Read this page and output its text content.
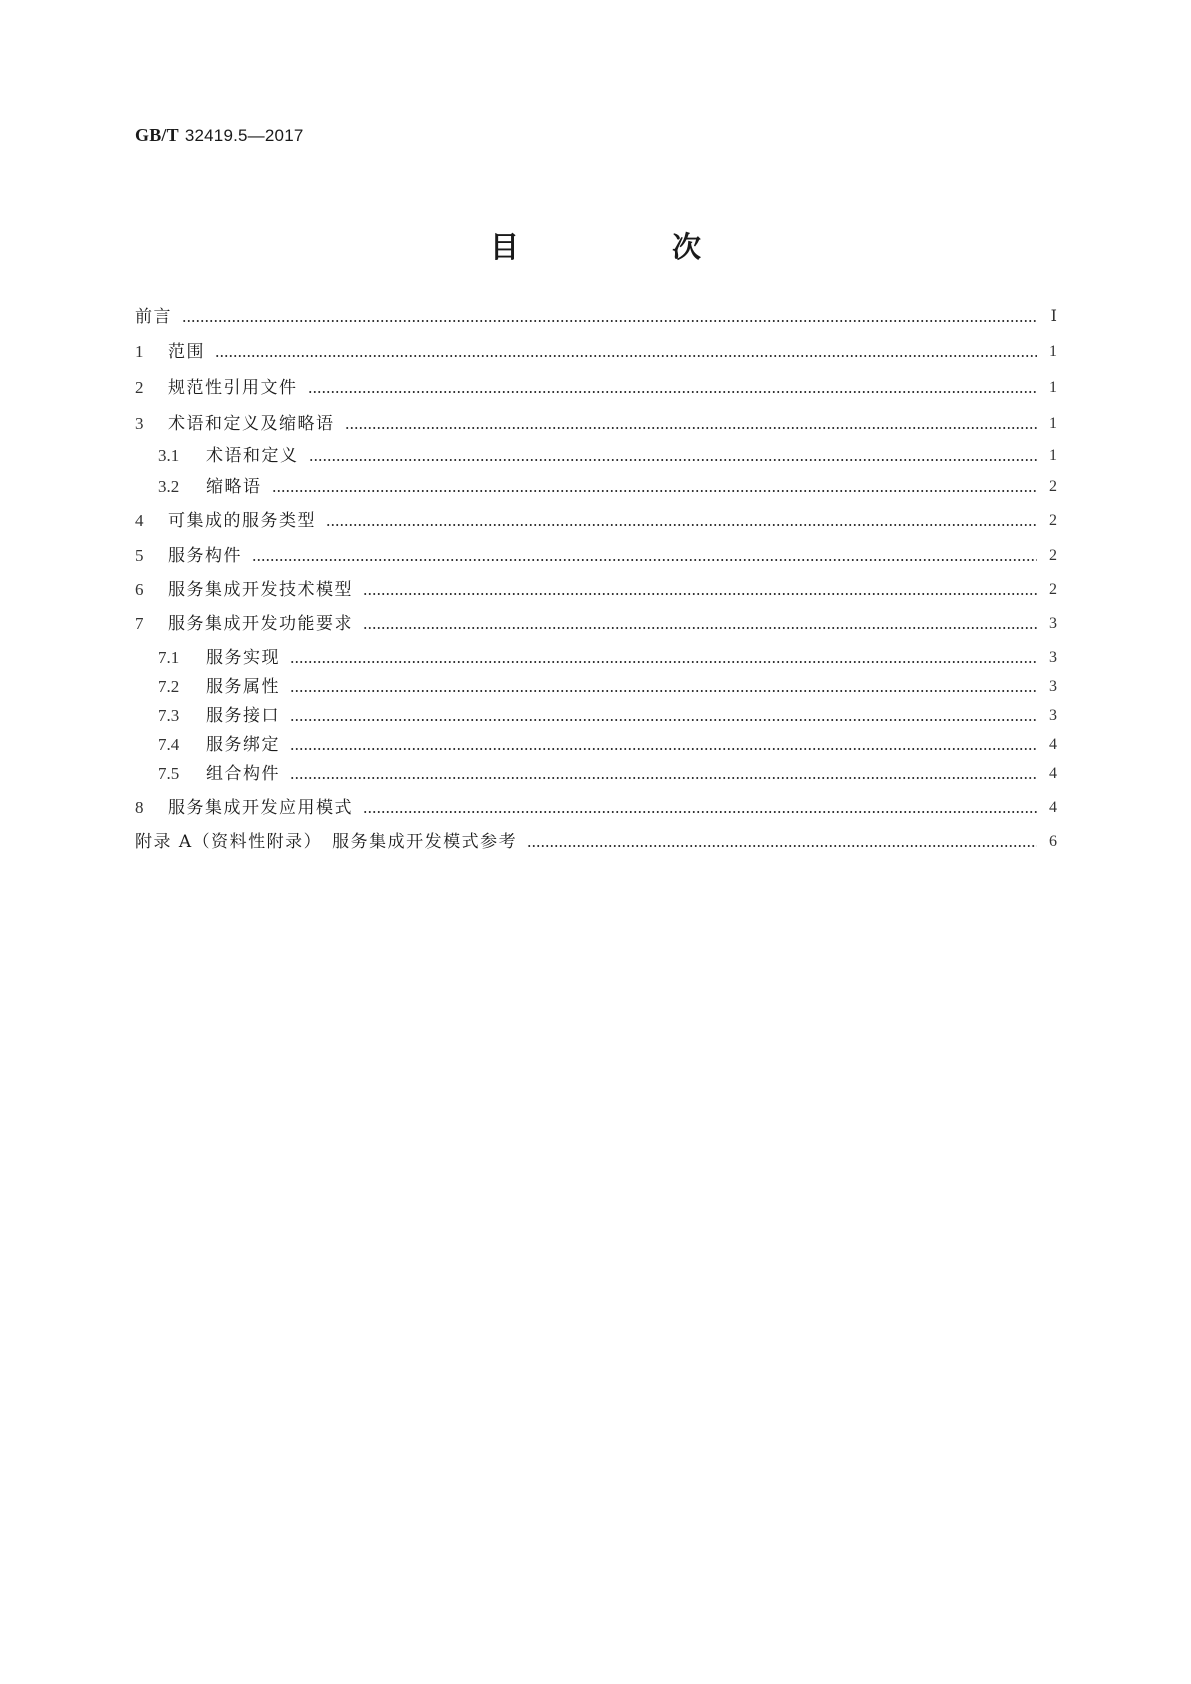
GB/T 32419.5—2017
目　次
前言	Ⅰ
1	范围	1
2	规范性引用文件	1
3	术语和定义及缩略语	1
3.1	术语和定义	1
3.2	缩略语	2
4	可集成的服务类型	2
5	服务构件	2
6	服务集成开发技术模型	2
7	服务集成开发功能要求	3
7.1	服务实现	3
7.2	服务属性	3
7.3	服务接口	3
7.4	服务绑定	4
7.5	组合构件	4
8	服务集成开发应用模式	4
附录 A（资料性附录）　服务集成开发模式参考	6
